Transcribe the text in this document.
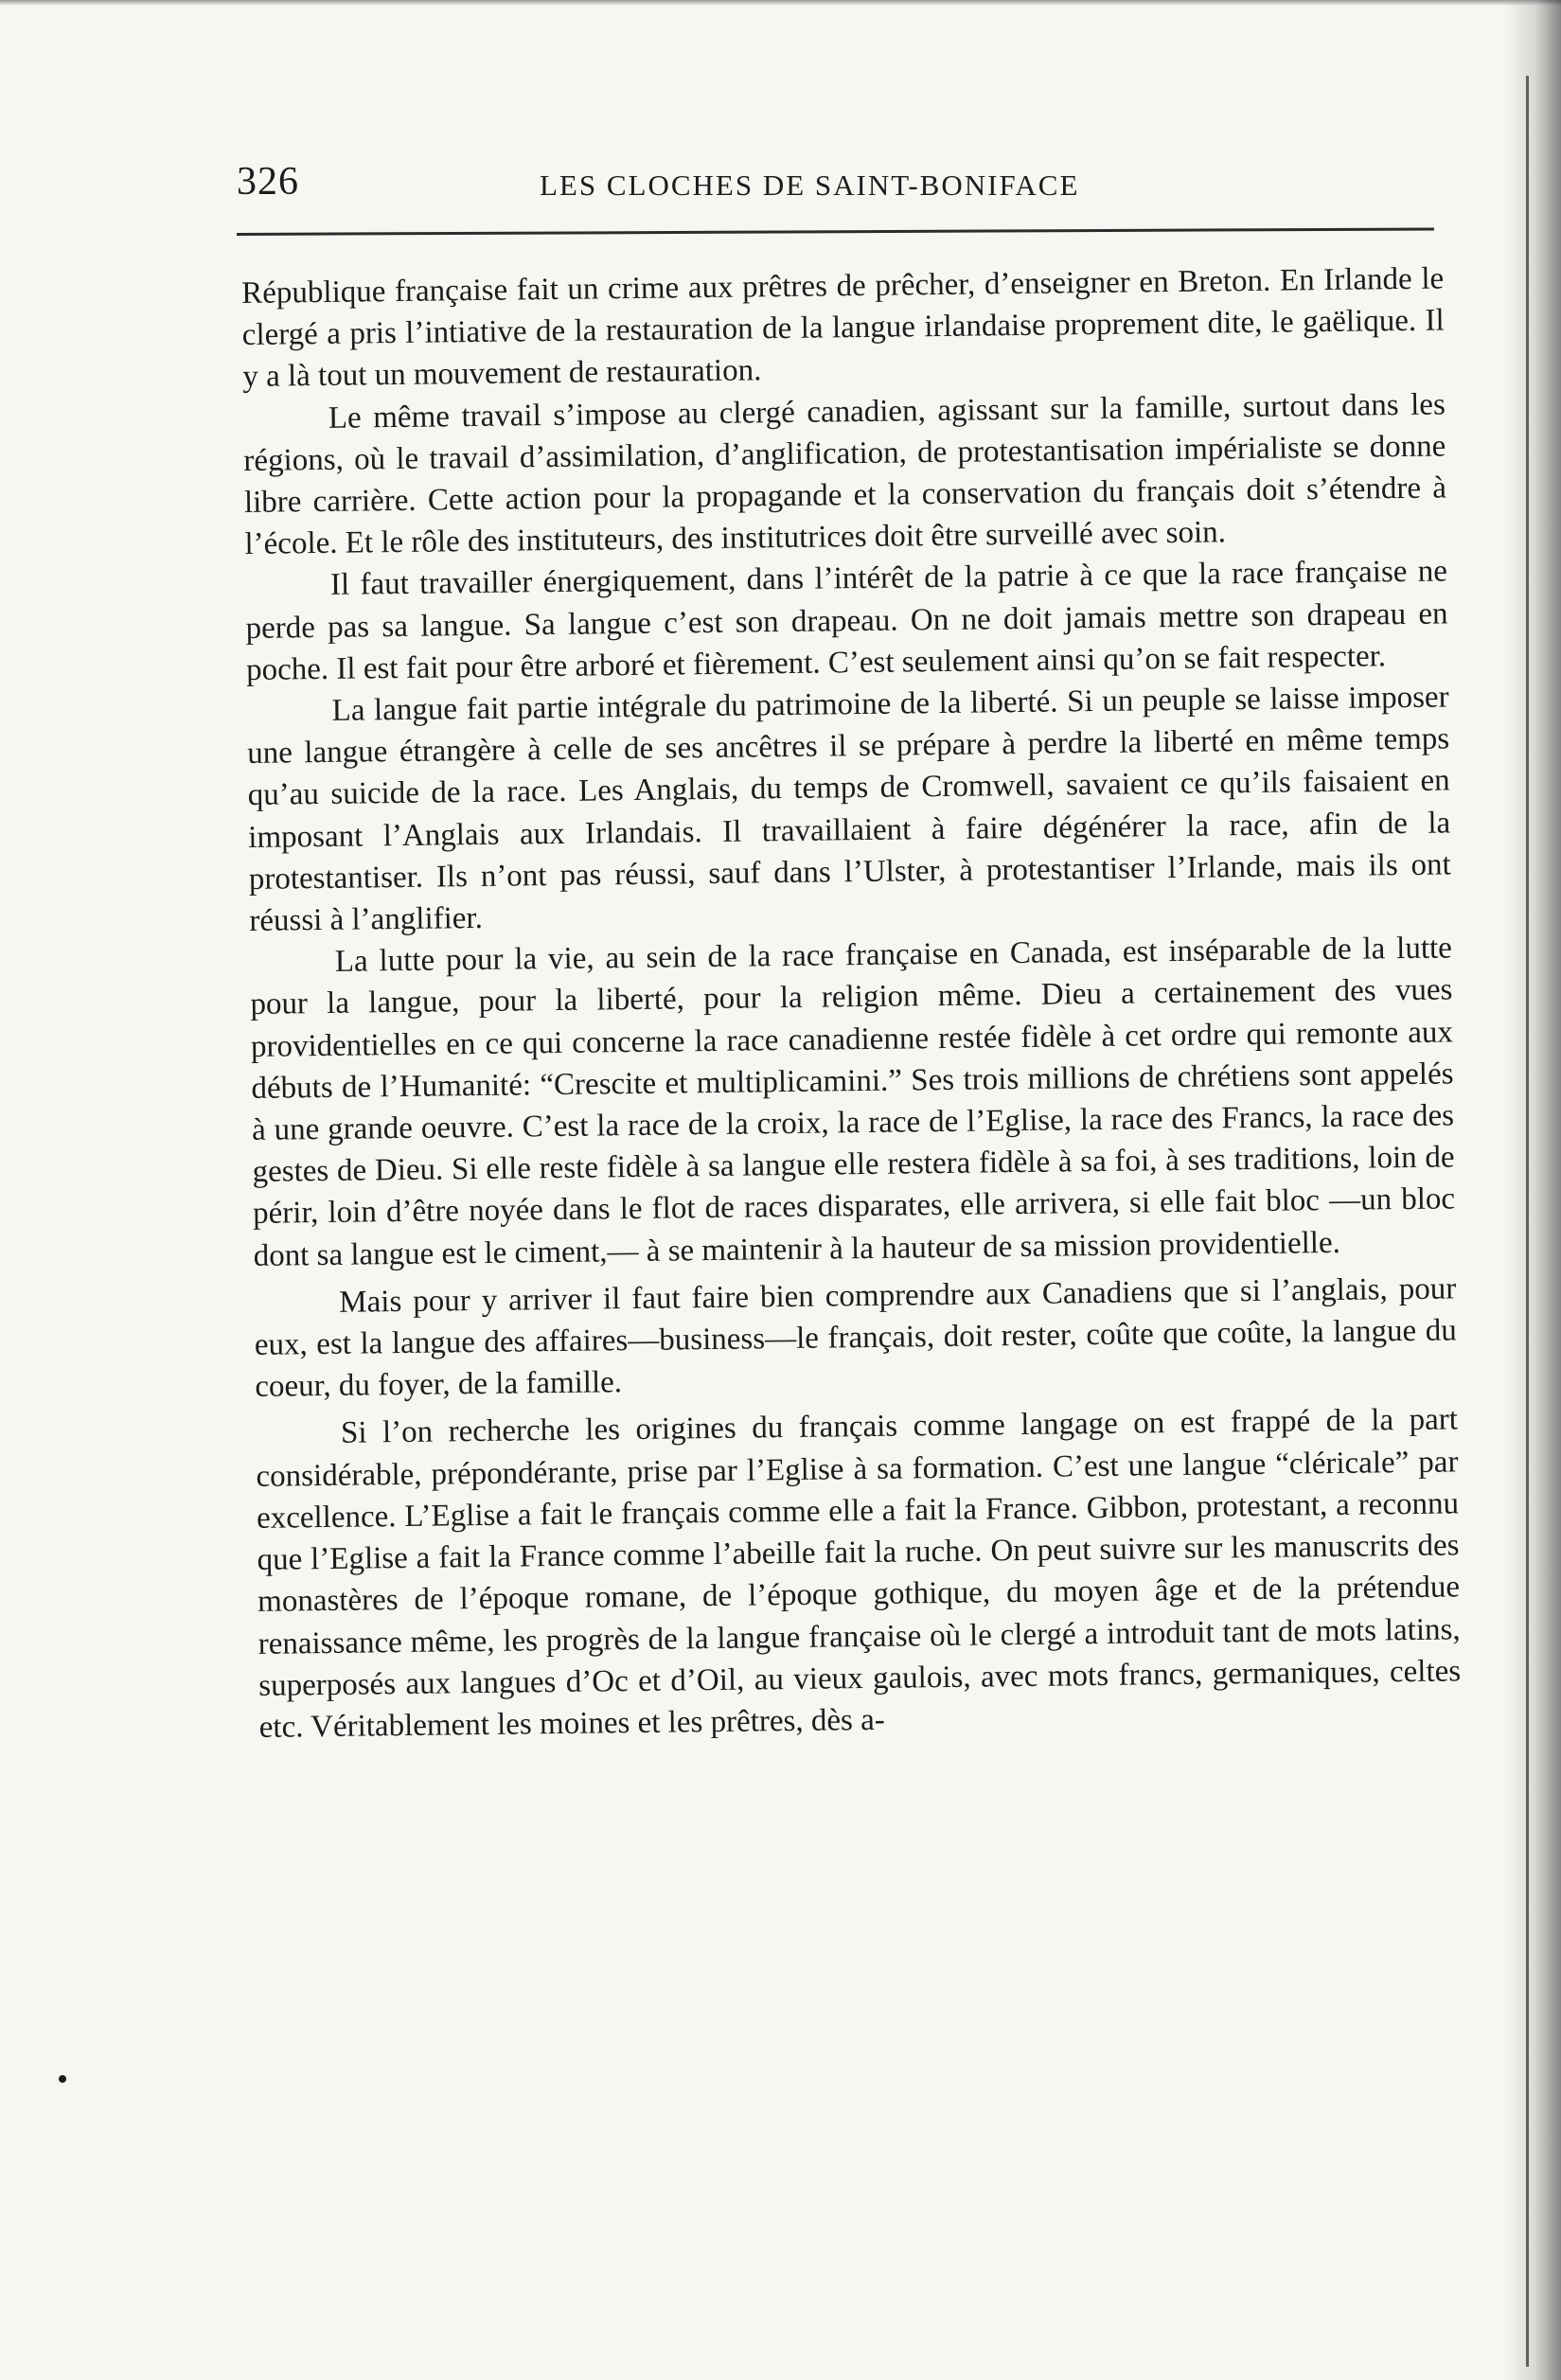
326	LES CLOCHES DE SAINT-BONIFACE

République française fait un crime aux prêtres de prêcher, d’enseigner en Breton. En Irlande le clergé a pris l’intiative de la restauration de la langue irlandaise proprement dite, le gaëlique. Il y a là tout un mouvement de restauration.

Le même travail s’impose au clergé canadien, agissant sur la famille, surtout dans les régions, où le travail d’assimilation, d’anglification, de protestantisation impérialiste se donne libre carrière. Cette action pour la propagande et la conservation du français doit s’étendre à l’école. Et le rôle des instituteurs, des institutrices doit être surveillé avec soin.

Il faut travailler énergiquement, dans l’intérêt de la patrie à ce que la race française ne perde pas sa langue. Sa langue c’est son drapeau. On ne doit jamais mettre son drapeau en poche. Il est fait pour être arboré et fièrement. C’est seulement ainsi qu’on se fait respecter.

La langue fait partie intégrale du patrimoine de la liberté. Si un peuple se laisse imposer une langue étrangère à celle de ses ancêtres il se prépare à perdre la liberté en même temps qu’au suicide de la race. Les Anglais, du temps de Cromwell, savaient ce qu’ils faisaient en imposant l’Anglais aux Irlandais. Il travaillaient à faire dégénérer la race, afin de la protestantiser. Ils n’ont pas réussi, sauf dans l’Ulster, à protestantiser l’Irlande, mais ils ont réussi à l’anglifier.

La lutte pour la vie, au sein de la race française en Canada, est inséparable de la lutte pour la langue, pour la liberté, pour la religion même. Dieu a certainement des vues providentielles en ce qui concerne la race canadienne restée fidèle à cet ordre qui remonte aux débuts de l’Humanité: “Crescite et multiplicamini.” Ses trois millions de chrétiens sont appelés à une grande oeuvre. C’est la race de la croix, la race de l’Eglise, la race des Francs, la race des gestes de Dieu. Si elle reste fidèle à sa langue elle restera fidèle à sa foi, à ses traditions, loin de périr, loin d’être noyée dans le flot de races disparates, elle arrivera, si elle fait bloc —un bloc dont sa langue est le ciment,— à se maintenir à la hauteur de sa mission providentielle.

Mais pour y arriver il faut faire bien comprendre aux Canadiens que si l’anglais, pour eux, est la langue des affaires—business—le français, doit rester, coûte que coûte, la langue du coeur, du foyer, de la famille.

Si l’on recherche les origines du français comme langage on est frappé de la part considérable, prépondérante, prise par l’Eglise à sa formation. C’est une langue “cléricale” par excellence. L’Eglise a fait le français comme elle a fait la France. Gibbon, protestant, a reconnu que l’Eglise a fait la France comme l’abeille fait la ruche. On peut suivre sur les manuscrits des monastères de l’époque romane, de l’époque gothique, du moyen âge et de la prétendue renaissance même, les progrès de la langue française où le clergé a introduit tant de mots latins, superposés aux langues d’Oc et d’Oil, au vieux gaulois, avec mots francs, germaniques, celtes etc. Véritablement les moines et les prêtres, dès a-
